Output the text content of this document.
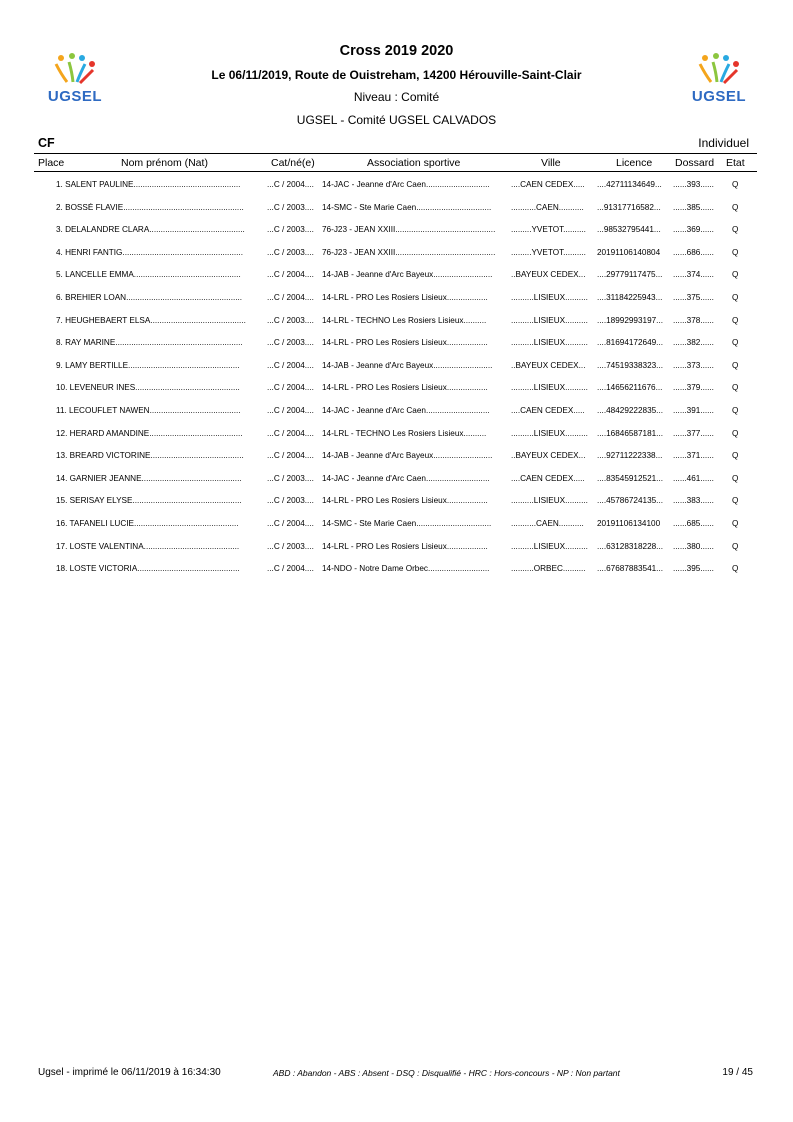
UGSEL	UGSEL
Cross 2019 2020
Le 06/11/2019, Route de Ouistreham, 14200 Hérouville-Saint-Clair
Niveau : Comité
UGSEL - Comité UGSEL CALVADOS
CF	Individuel
Place	Nom prénom (Nat)	Cat/né(e)	Association sportive	Ville	Licence Dossard Etat
1. SALENT PAULINE...............................................	...C / 2004.... 14-JAC - Jeanne d'Arc Caen............................	....CAEN CEDEX.....	....42711134649...	......393......	Q
2. BOSSÉ FLAVIE.....................................................	...C / 2003.... 14-SMC - Ste Marie Caen.................................	...........CAEN...........	...91317716582...	......385......	Q
3. DELALANDRE CLARA..........................................	...C / 2003.... 76-J23 - JEAN XXIII............................................	.........YVETOT..........	...98532795441...	......369......	Q
4. HENRI FANTIG.....................................................	...C / 2003.... 76-J23 - JEAN XXIII............................................	.........YVETOT..........	20191106140804	......686......	Q
5. LANCELLE EMMA...............................................	...C / 2004.... 14-JAB - Jeanne d'Arc Bayeux..........................	..BAYEUX CEDEX...	....29779117475...	......374......	Q
6. BREHIER LOAN...................................................	...C / 2004.... 14-LRL - PRO Les Rosiers Lisieux..................	..........LISIEUX..........	....31184225943...	......375......	Q
7. HEUGHEBAERT ELSA..........................................	...C / 2003.... 14-LRL - TECHNO Les Rosiers Lisieux..........	..........LISIEUX..........	....18992993197...	......378......	Q
8. RAY MARINE........................................................	...C / 2003.... 14-LRL - PRO Les Rosiers Lisieux..................	..........LISIEUX..........	....81694172649...	......382......	Q
9. LAMY BERTILLE.................................................	...C / 2004.... 14-JAB - Jeanne d'Arc Bayeux..........................	..BAYEUX CEDEX...	....74519338323...	......373......	Q
10. LEVENEUR INES..............................................	...C / 2004.... 14-LRL - PRO Les Rosiers Lisieux..................	..........LISIEUX..........	....14656211676...	......379......	Q
11. LECOUFLET NAWEN........................................	...C / 2004.... 14-JAC - Jeanne d'Arc Caen............................	....CAEN CEDEX.....	....48429222835...	......391......	Q
12. HERARD AMANDINE.........................................	...C / 2004.... 14-LRL - TECHNO Les Rosiers Lisieux..........	..........LISIEUX..........	....16846587181...	......377......	Q
13. BREARD VICTORINE.........................................	...C / 2004.... 14-JAB - Jeanne d'Arc Bayeux..........................	..BAYEUX CEDEX...	....92711222338...	......371......	Q
14. GARNIER JEANNE............................................	...C / 2003.... 14-JAC - Jeanne d'Arc Caen............................	....CAEN CEDEX.....	....83545912521...	......461......	Q
15. SERISAY ELYSE................................................	...C / 2003.... 14-LRL - PRO Les Rosiers Lisieux..................	..........LISIEUX..........	....45786724135...	......383......	Q
16. TAFANELI LUCIE..............................................	...C / 2004.... 14-SMC - Ste Marie Caen.................................	...........CAEN...........	20191106134100	......685......	Q
17. LOSTE VALENTINA..........................................	...C / 2003.... 14-LRL - PRO Les Rosiers Lisieux..................	..........LISIEUX..........	....63128318228...	......380......	Q
18. LOSTE VICTORIA.............................................	...C / 2004.... 14-NDO - Notre Dame Orbec...........................	..........ORBEC..........	....67687883541...	......395......	Q
Ugsel - imprimé le 06/11/2019 à 16:34:30	ABD : Abandon - ABS : Absent - DSQ : Disqualifié - HRC : Hors-concours - NP : Non partant	19 / 45
